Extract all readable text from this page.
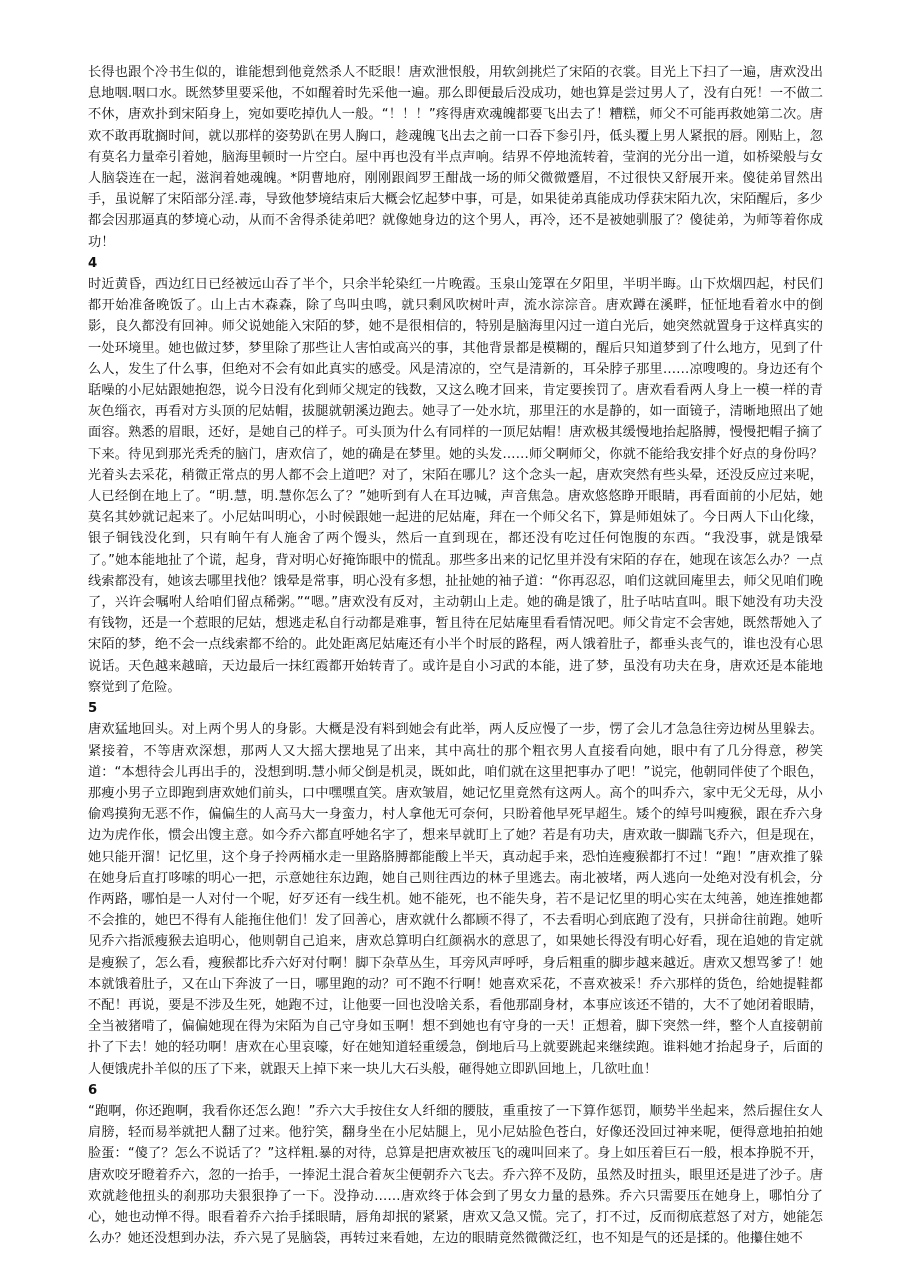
长得也跟个冷书生似的，谁能想到他竟然杀人不眨眼！唐欢泄恨般，用软剑挑烂了宋陌的衣裳。目光上下扫了一遍，唐欢没出息地咽.咽口水。既然梦里要采他，不如醒着时先采他一遍。那么即便最后没成功，她也算是尝过男人了，没有白死！一不做二不休，唐欢扑到宋陌身上，宛如要吃掉仇人一般。“！！！”疼得唐欢魂魄都要飞出去了！糟糕，师父不可能再救她第二次。唐欢不敢再耽搁时间，就以那样的姿势趴在男人胸口，趁魂魄飞出去之前一口吞下参引丹，低头覆上男人紧抿的唇。刚贴上，忽有莫名力量牵引着她，脑海里顿时一片空白。屋中再也没有半点声响。结界不停地流转着，莹润的光分出一道，如桥梁般与女人脑袋连在一起，滋润着她魂魄。*阴曹地府，刚刚跟阎罗王酣战一场的师父微微蹙眉，不过很快又舒展开来。傻徒弟冒然出手，虽说解了宋陌部分淫.毒，导致他梦境结束后大概会忆起梦中事，可是，如果徒弟真能成功俘获宋陌九次，宋陌醒后，多少都会因那逼真的梦境心动，从而不舍得杀徒弟吧？就像她身边的这个男人，再冷，还不是被她驯服了？傻徒弟，为师等着你成功！

4

时近黄昏，西边红日已经被远山吞了半个，只余半轮染红一片晚霞。玉泉山笼罩在夕阳里，半明半晦。山下炊烟四起，村民们都开始准备晚饭了。山上古木森森，除了鸟叫虫鸣，就只剩风吹树叶声，流水淙淙音。唐欢蹲在溪畔，怔怔地看着水中的倒影，良久都没有回神。师父说她能入宋陌的梦，她不是很相信的，特别是脑海里闪过一道白光后，她突然就置身于这样真实的一处环境里。她也做过梦，梦里除了那些让人害怕或高兴的事，其他背景都是模糊的，醒后只知道梦到了什么地方，见到了什么人，发生了什么事，但绝对不会有如此真实的感受。风是清凉的，空气是清新的，耳朵脖子那里……凉嗖嗖的。身边还有个聒噪的小尼姑跟她抱怨，说今日没有化到师父规定的钱数，又这么晚才回来，肯定要挨罚了。唐欢看看两人身上一模一样的青灰色缁衣，再看对方头顶的尼姑帽，拔腿就朝溪边跑去。她寻了一处水坑，那里汪的水是静的，如一面镜子，清晰地照出了她面容。熟悉的眉眼，还好，是她自己的样子。可头顶为什么有同样的一顶尼姑帽！唐欢极其缓慢地抬起胳膊，慢慢把帽子摘了下来。待见到那光秃秃的脑门，唐欢信了，她的确是在梦里。她的头发……师父啊师父，你就不能给我安排个好点的身份吗？光着头去采花，稍微正常点的男人都不会上道吧？对了，宋陌在哪儿？这个念头一起，唐欢突然有些头晕，还没反应过来呢，人已经倒在地上了。“明.慧，明.慧你怎么了？”她听到有人在耳边喊，声音焦急。唐欢悠悠睁开眼睛，再看面前的小尼姑，她莫名其妙就记起来了。小尼姑叫明心，小时候跟她一起进的尼姑庵，拜在一个师父名下，算是师姐妹了。今日两人下山化缘，银子铜钱没化到，只有晌午有人施舍了两个馒头，然后一直到现在，都还没有吃过任何饱腹的东西。“我没事，就是饿晕了。”她本能地扯了个谎，起身，背对明心好掩饰眼中的慌乱。那些多出来的记忆里并没有宋陌的存在，她现在该怎么办？一点线索都没有，她该去哪里找他？饿晕是常事，明心没有多想，扯扯她的袖子道：“你再忍忍，咱们这就回庵里去，师父见咱们晚了，兴许会嘱咐人给咱们留点稀粥。”“嗯。”唐欢没有反对，主动朝山上走。她的确是饿了，肚子咕咕直叫。眼下她没有功夫没有钱物，还是一个惹眼的尼姑，想逃走私自行动都是难事，暂且待在尼姑庵里看看情况吧。师父肯定不会害她，既然帮她入了宋陌的梦，绝不会一点线索都不给的。此处距离尼姑庵还有小半个时辰的路程，两人饿着肚子，都垂头丧气的，谁也没有心思说话。天色越来越暗，天边最后一抹红霞都开始转青了。或许是自小习武的本能，进了梦，虽没有功夫在身，唐欢还是本能地察觉到了危险。

5

唐欢猛地回头。对上两个男人的身影。大概是没有料到她会有此举，两人反应慢了一步，愣了会儿才急急往旁边树丛里躲去。紧接着，不等唐欢深想，那两人又大摇大摆地晃了出来，其中高壮的那个粗衣男人直接看向她，眼中有了几分得意，秽笑道：“本想待会儿再出手的，没想到明.慧小师父倒是机灵，既如此，咱们就在这里把事办了吧！”说完，他朝同伴使了个眼色，那瘦小男子立即跑到唐欢她们前头，口中嘿嘿直笑。唐欢皱眉，她记忆里竟然有这两人。高个的叫乔六，家中无父无母，从小偷鸡摸狗无恶不作，偏偏生的人高马大一身蛮力，村人拿他无可奈何，只盼着他早死早超生。矮个的绰号叫瘦猴，跟在乔六身边为虎作伥，惯会出馊主意。如今乔六都直呼她名字了，想来早就盯上了她？若是有功夫，唐欢敢一脚踹飞乔六，但是现在，她只能开溜！记忆里，这个身子拎两桶水走一里路胳膊都能酸上半天，真动起手来，恐怕连瘦猴都打不过！“跑！”唐欢推了躲在她身后直打哆嗦的明心一把，示意她往东边跑，她自己则往西边的林子里逃去。南北被堵，两人逃向一处绝对没有机会，分作两路，哪怕是一人对付一个呢，好歹还有一线生机。她不能死，也不能失身，若不是记忆里的明心实在太纯善，她连推她都不会推的，她巴不得有人能拖住他们！发了回善心，唐欢就什么都顾不得了，不去看明心到底跑了没有，只拼命往前跑。她听见乔六指派瘦猴去追明心，他则朝自己追来，唐欢总算明白红颜祸水的意思了，如果她长得没有明心好看，现在追她的肯定就是瘦猴了，怎么看，瘦猴都比乔六好对付啊！脚下杂草丛生，耳旁风声呼呼，身后粗重的脚步越来越近。唐欢又想骂爹了！她本就饿着肚子，又在山下奔波了一日，哪里跑的动？可不跑不行啊！她喜欢采花，不喜欢被采！乔六那样的货色，给她提鞋都不配！再说，要是不涉及生死，她跑不过，让他要一回也没啥关系，看他那副身材，本事应该还不错的，大不了她闭着眼睛，全当被猪啃了，偏偏她现在得为宋陌为自己守身如玉啊！想不到她也有守身的一天！正想着，脚下突然一绊，整个人直接朝前扑了下去！她的轻功啊！唐欢在心里哀嚎，好在她知道轻重缓急，倒地后马上就要跳起来继续跑。谁料她才抬起身子，后面的人便饿虎扑羊似的压了下来，就跟天上掉下来一块儿大石头般，砸得她立即趴回地上，几欲吐血！

6

“跑啊，你还跑啊，我看你还怎么跑！”乔六大手按住女人纤细的腰肢，重重按了一下算作惩罚，顺势半坐起来，然后握住女人肩膀，轻而易举就把人翻了过来。他狞笑，翻身坐在小尼姑腿上，见小尼姑脸色苍白，好像还没回过神来呢，便得意地拍拍她脸蛋：“傻了？怎么不说话了？”这样粗.暴的对待，总算是把唐欢被压飞的魂叫回来了。身上如压着巨石一般，根本挣脱不开，唐欢咬牙瞪着乔六，忽的一抬手，一捧泥土混合着灰尘便朝乔六飞去。乔六猝不及防，虽然及时扭头，眼里还是进了沙子。唐欢就趁他扭头的刹那功夫狠狠挣了一下。没挣动……唐欢终于体会到了男女力量的悬殊。乔六只需要压在她身上，哪怕分了心，她也动惮不得。眼看着乔六抬手揉眼睛，唇角却抿的紧紧，唐欢又急又慌。完了，打不过，反而彻底惹怒了对方，她能怎么办？她还没想到办法，乔六晃了晃脑袋，再转过来看她，左边的眼睛竟然微微泛红，也不知是气的还是揉的。他攥住她不
